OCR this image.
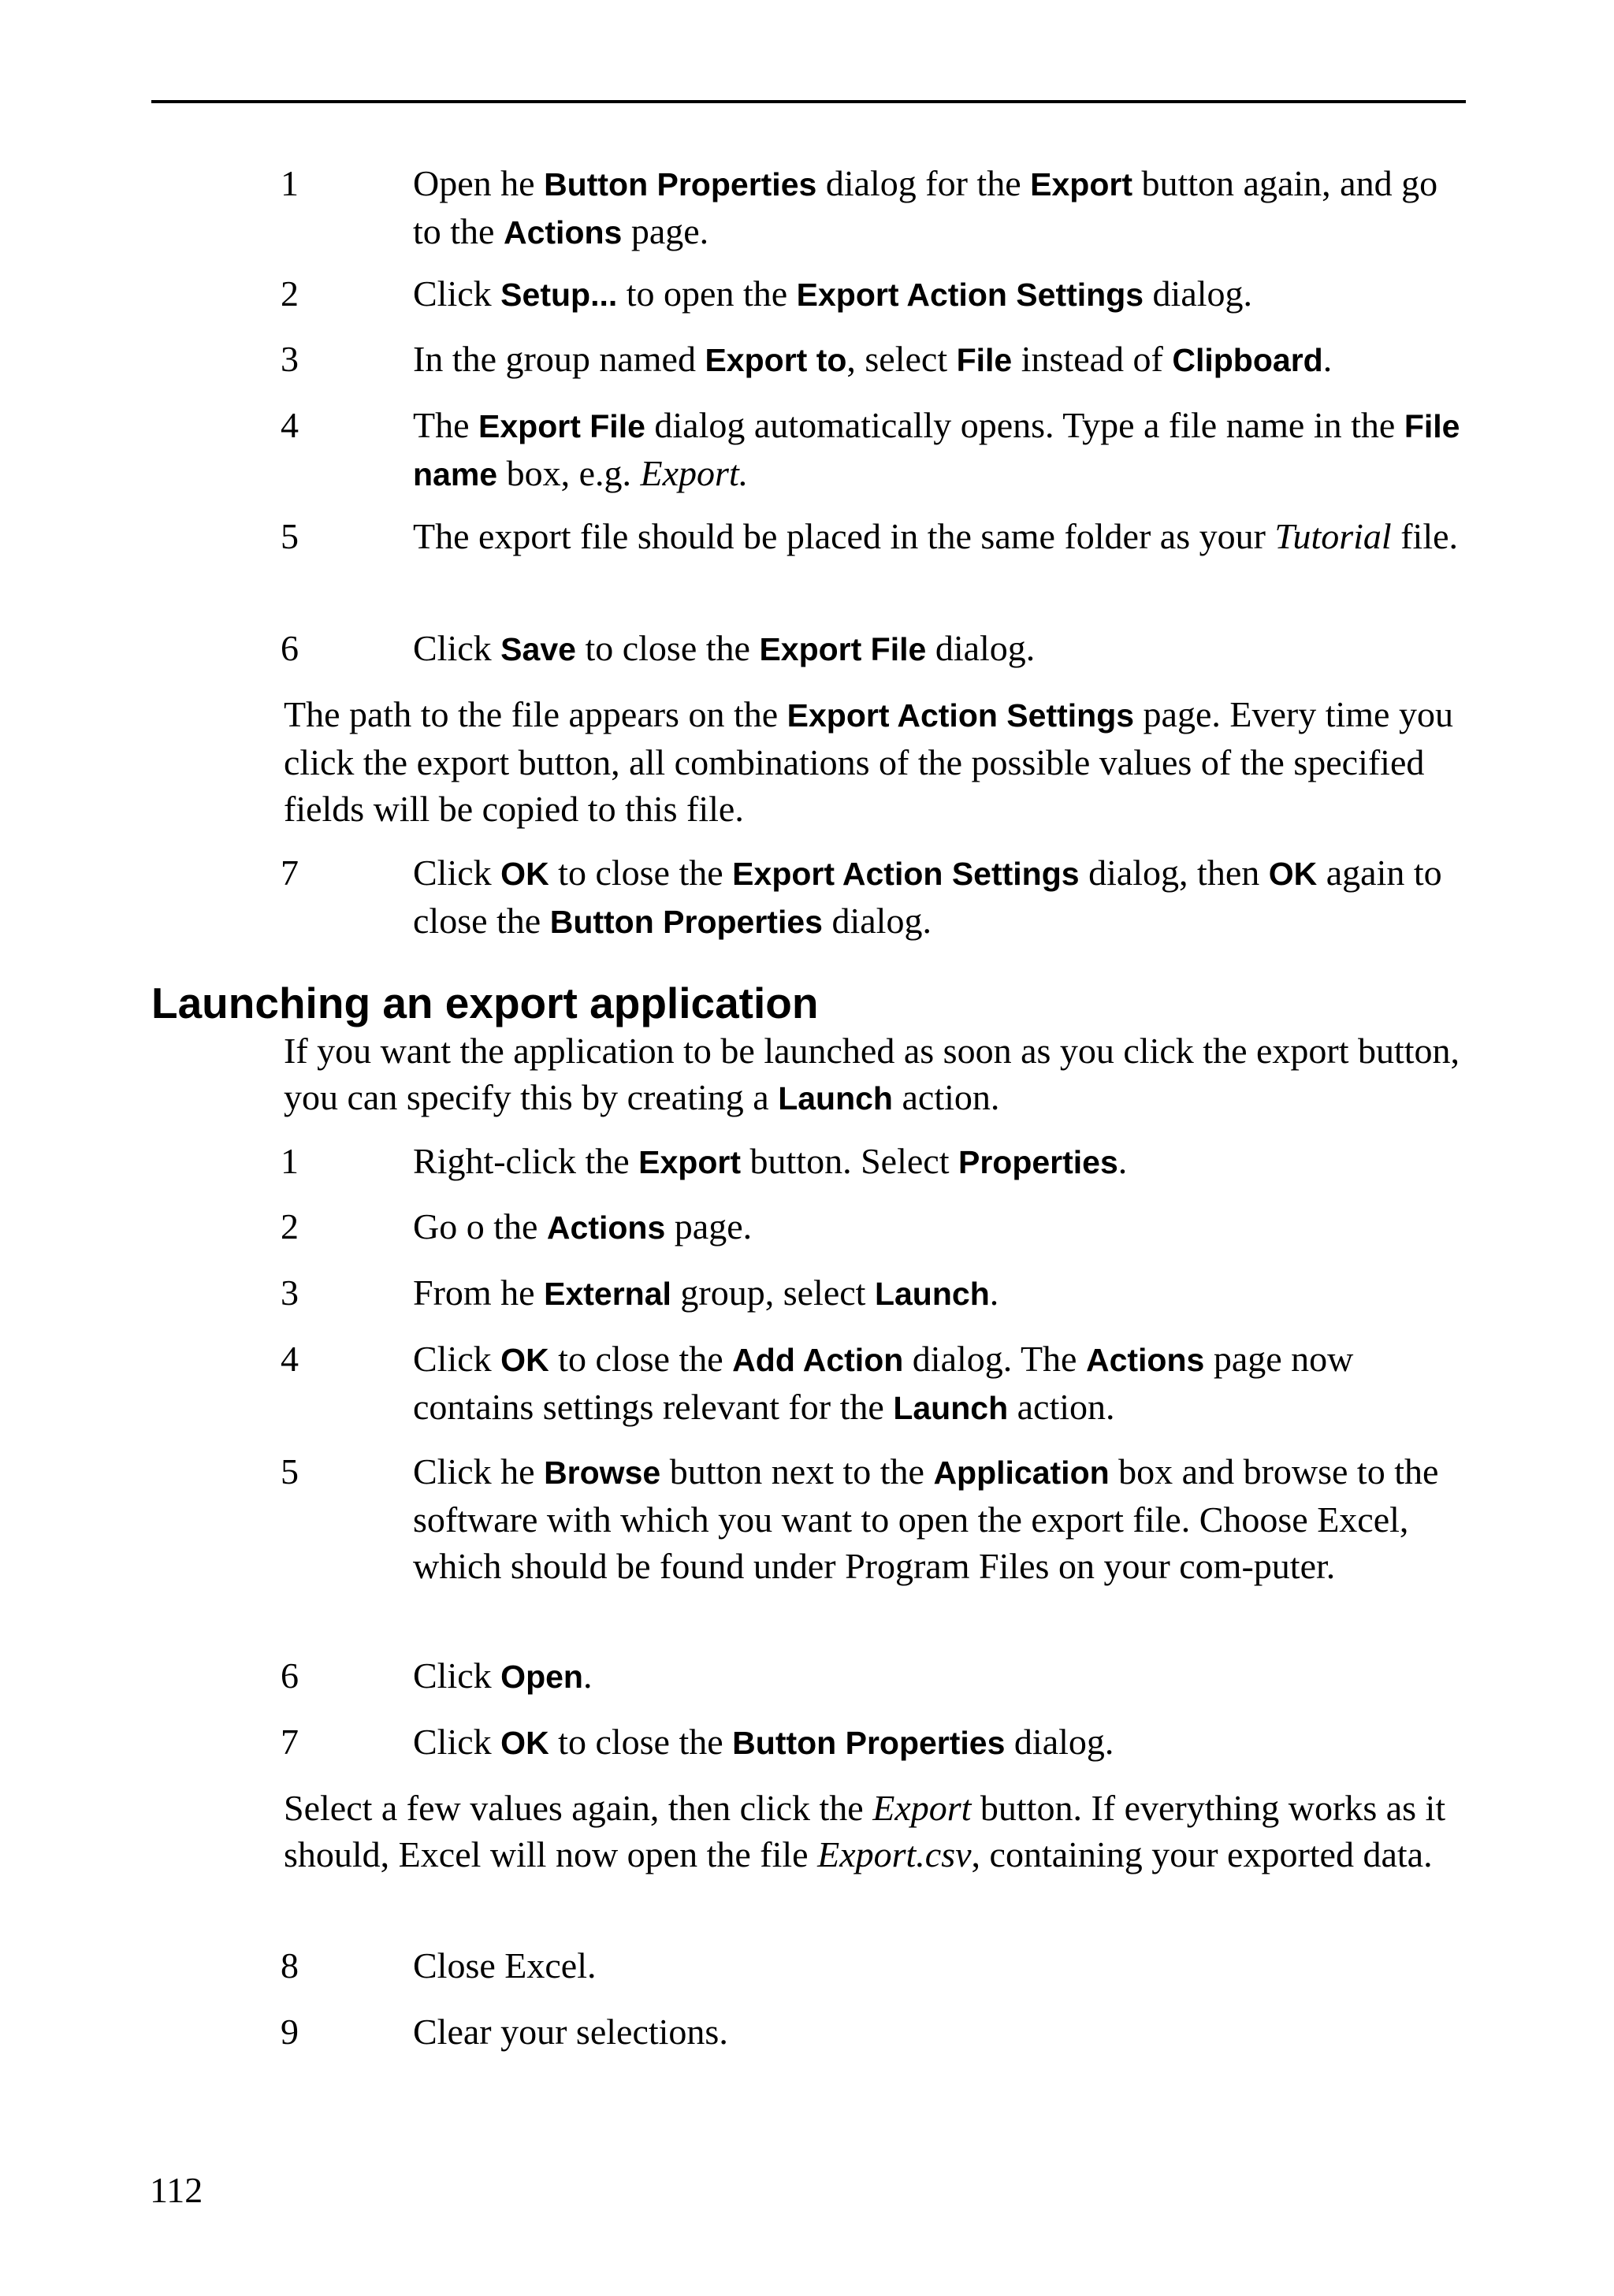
1	Open he Button Properties dialog for the Export button again, and go to the Actions page.
2	Click Setup... to open the Export Action Settings dialog.
3	In the group named Export to, select File instead of Clipboard.
4	The Export File dialog automatically opens. Type a file name in the File name box, e.g. Export.
5	The export file should be placed in the same folder as your Tutorial file.
6	Click Save to close the Export File dialog.
The path to the file appears on the Export Action Settings page. Every time you click the export button, all combinations of the possible values of the specified fields will be copied to this file.
7	Click OK to close the Export Action Settings dialog, then OK again to close the Button Properties dialog.
Launching an export application
If you want the application to be launched as soon as you click the export button, you can specify this by creating a Launch action.
1	Right-click the Export button. Select Properties.
2	Go o the Actions page.
3	From he External group, select Launch.
4	Click OK to close the Add Action dialog. The Actions page now contains settings relevant for the Launch action.
5	Click he Browse button next to the Application box and browse to the software with which you want to open the export file. Choose Excel, which should be found under Program Files on your com-puter.
6	Click Open.
7	Click OK to close the Button Properties dialog.
Select a few values again, then click the Export button. If everything works as it should, Excel will now open the file Export.csv, containing your exported data.
8	Close Excel.
9	Clear your selections.
112
